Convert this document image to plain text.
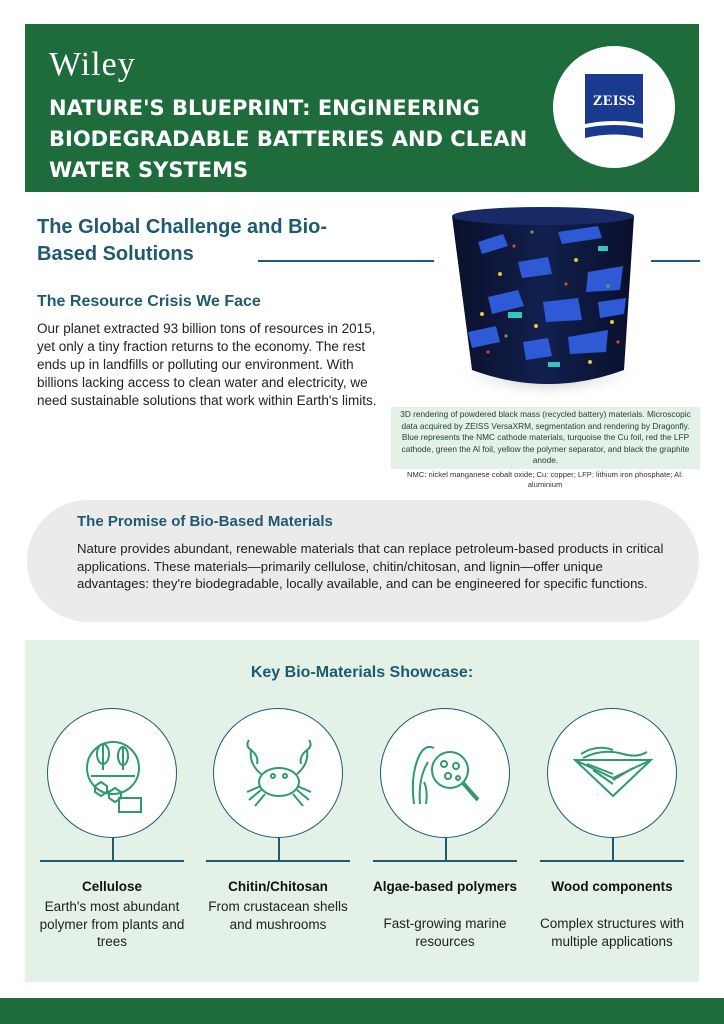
Wiley
NATURE'S BLUEPRINT: ENGINEERING BIODEGRADABLE BATTERIES AND CLEAN WATER SYSTEMS
ZEISS
The Global Challenge and Bio-Based Solutions
The Resource Crisis We Face
Our planet extracted 93 billion tons of resources in 2015, yet only a tiny fraction returns to the economy. The rest ends up in landfills or polluting our environment. With billions lacking access to clean water and electricity, we need sustainable solutions that work within Earth's limits.
3D rendering of powdered black mass (recycled battery) materials. Microscopic data acquired by ZEISS VersaXRM, segmentation and rendering by Dragonfly. Blue represents the NMC cathode materials, turquoise the Cu foil, red the LFP cathode, green the Al foil, yellow the polymer separator, and black the graphite anode.
NMC: nickel manganese cobalt oxide; Cu: copper; LFP: lithium iron phosphate; Al: aluminium
The Promise of Bio-Based Materials
Nature provides abundant, renewable materials that can replace petroleum-based products in critical applications. These materials—primarily cellulose, chitin/chitosan, and lignin—offer unique advantages: they're biodegradable, locally available, and can be engineered for specific functions.
Key Bio-Materials Showcase:
Cellulose
Earth's most abundant polymer from plants and trees
Chitin/Chitosan
From crustacean shells and mushrooms
Algae-based polymers
Fast-growing marine resources
Wood components
Complex structures with multiple applications
